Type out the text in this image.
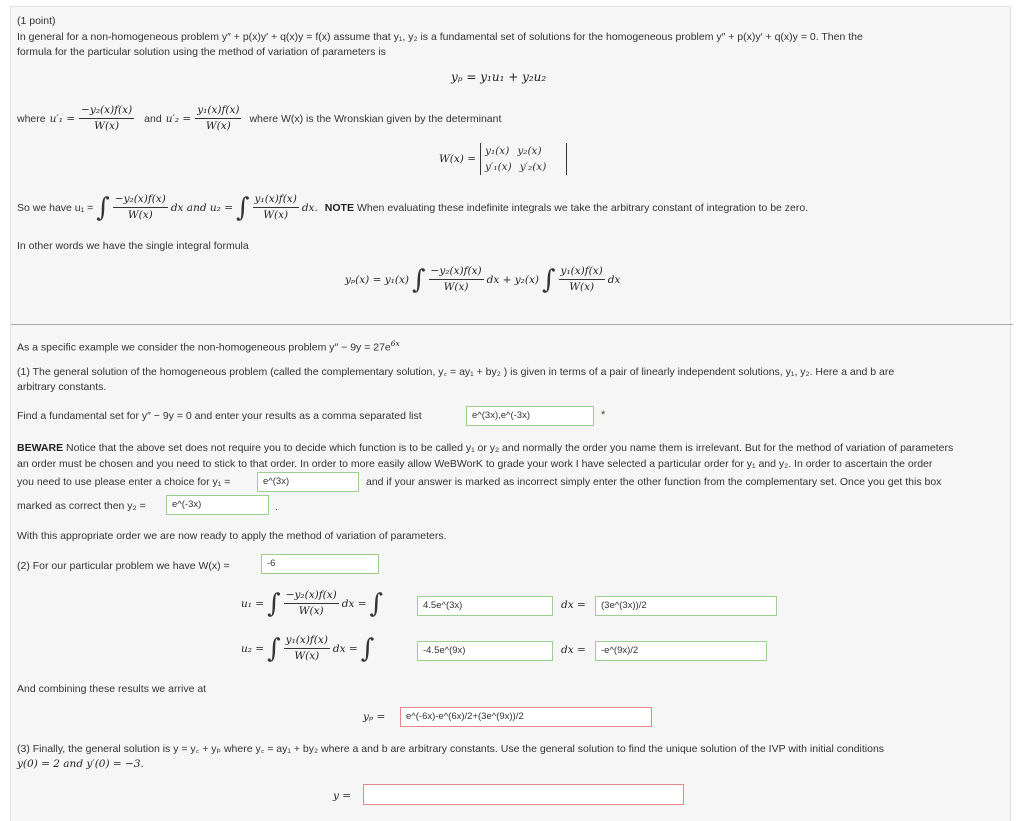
(1 point)
In general for a non-homogeneous problem y″ + p(x)y′ + q(x)y = f(x) assume that y₁, y₂ is a fundamental set of solutions for the homogeneous problem y″ + p(x)y′ + q(x)y = 0. Then the
formula for the particular solution using the method of variation of parameters is
yₚ = y₁u₁ + y₂u₂
where $u'_1 = \frac{\text{−y₂(x)f(x)}}{W(x)}$ and $u'_2 = \frac{\text{y₁(x)f(x)}}{W(x)}$ where W(x) is the Wronskian given by the determinant
W(x) =
y₁(x) y₂(x)
y′₁(x) y′₂(x)
So we have u₁ = ∫ $\frac{\text{−y₂(x)f(x)}}{W(x)}$ dx and u₂ = ∫ $\frac{\text{y₁(x)f(x)}}{W(x)}$ dx. NOTE When evaluating these indefinite integrals we take the arbitrary constant of integration to be zero.
In other words we have the single integral formula
yₚ(x) = y₁(x) ∫ $\frac{\text{−y₂(x)f(x)}}{W(x)}$ dx + y₂(x) ∫ $\frac{\text{y₁(x)f(x)}}{W(x)}$ dx
As a specific example we consider the non-homogeneous problem $y'' - 9y = 27e^{6x}$
(1) The general solution of the homogeneous problem (called the complementary solution, y꜀ = ay₁ + by₂ ) is given in terms of a pair of linearly independent solutions, y₁, y₂. Here a and b are
arbitrary constants.
Find a fundamental set for y″ − 9y = 0 and enter your results as a comma separated list	e^(3x),e^(-3x)	*
BEWARE Notice that the above set does not require you to decide which function is to be called y₁ or y₂ and normally the order you name them is irrelevant. But for the method of variation of parameters
an order must be chosen and you need to stick to that order. In order to more easily allow WeBWorK to grade your work I have selected a particular order for y₁ and y₂. In order to ascertain the order
you need to use please enter a choice for y₁ =	e^(3x)	and if your answer is marked as incorrect simply enter the other function from the complementary set. Once you get this box
marked as correct then y₂ =	e^(-3x)	.
With this appropriate order we are now ready to apply the method of variation of parameters.
(2) For our particular problem we have W(x) =	-6
u₁ = ∫ $\frac{\text{−y₂(x)f(x)}}{W(x)}$ dx = ∫	4.5e^(3x)	dx =	(3e^(3x))/2
u₂ = ∫ $\frac{\text{y₁(x)f(x)}}{W(x)}$ dx = ∫	-4.5e^(9x)	dx =	-e^(9x)/2
And combining these results we arrive at
yₚ =	e^(-6x)-e^(6x)/2+(3e^(9x))/2
(3) Finally, the general solution is y = y꜀ + yₚ where y꜀ = ay₁ + by₂ where a and b are arbitrary constants. Use the general solution to find the unique solution of the IVP with initial conditions
y(0) = 2 and y′(0) = −3.
y =
